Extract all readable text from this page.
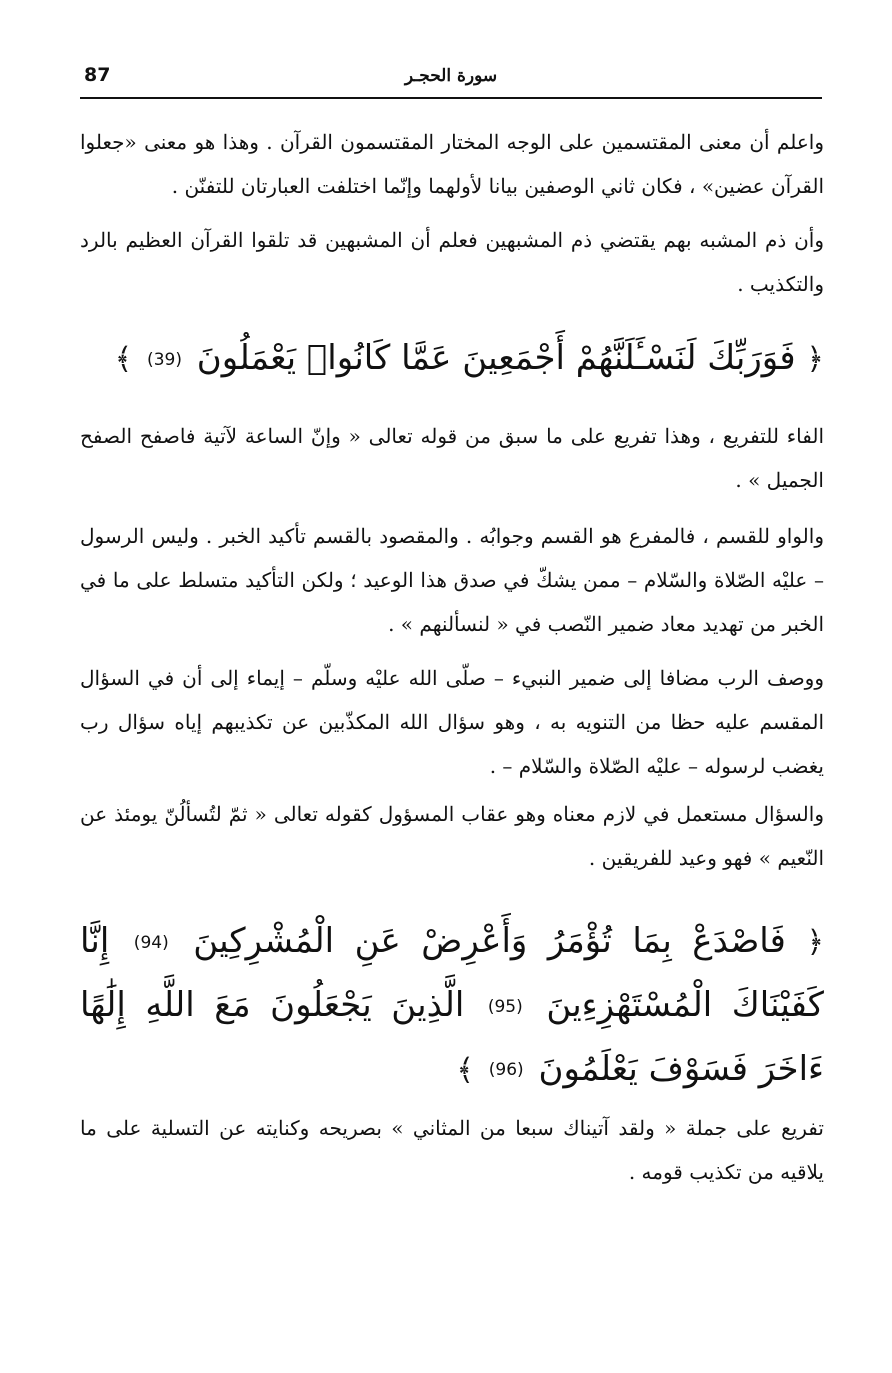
87	سورة الحجـر

واعلم أن معنى المقتسمين على الوجه المختار المقتسمون القرآن . وهذا هو معنى «جعلوا القرآن عضين» ، فكان ثاني الوصفين بيانا لأولهما وإنّما اختلفت العبارتان للتفنّن .

وأن ذم المشبه بهم يقتضي ذم المشبهين فعلم أن المشبهين قد تلقوا القرآن العظيم بالرد والتكذيب .

﴿ فَوَرَبِّكَ لَنَسْـَٔلَنَّهُمْ أَجْمَعِينَ عَمَّا كَانُوا۟ يَعْمَلُونَ (39) ﴾

الفاء للتفريع ، وهذا تفريع على ما سبق من قوله تعالى « وإنّ الساعة لآتية فاصفح الصفح الجميل » .

والواو للقسم ، فالمفرع هو القسم وجوابُه . والمقصود بالقسم تأكيد الخبر . وليس الرسول – عليْه الصّلاة والسّلام – ممن يشكّ في صدق هذا الوعيد ؛ ولكن التأكيد متسلط على ما في الخبر من تهديد معاد ضمير النّصب في « لنسألنهم » .

ووصف الرب مضافا إلى ضمير النبيء – صلّى الله عليْه وسلّم – إيماء إلى أن في السؤال المقسم عليه حظا من التنويه به ، وهو سؤال الله المكذّبين عن تكذيبهم إياه سؤال رب يغضب لرسوله – عليْه الصّلاة والسّلام – .

والسؤال مستعمل في لازم معناه وهو عقاب المسؤول كقوله تعالى « ثمّ لتُسألُنّ يومئذ عن النّعيم » فهو وعيد للفريقين .

﴿ فَاصْدَعْ بِمَا تُؤْمَرُ وَأَعْرِضْ عَنِ الْمُشْرِكِينَ (94) إِنَّا كَفَيْنَاكَ الْمُسْتَهْزِءِينَ (95) الَّذِينَ يَجْعَلُونَ مَعَ اللَّهِ إِلَٰهًا ءَاخَرَ فَسَوْفَ يَعْلَمُونَ (96) ﴾

تفريع على جملة « ولقد آتيناك سبعا من المثاني » بصريحه وكنايته عن التسلية على ما يلاقيه من تكذيب قومه .
